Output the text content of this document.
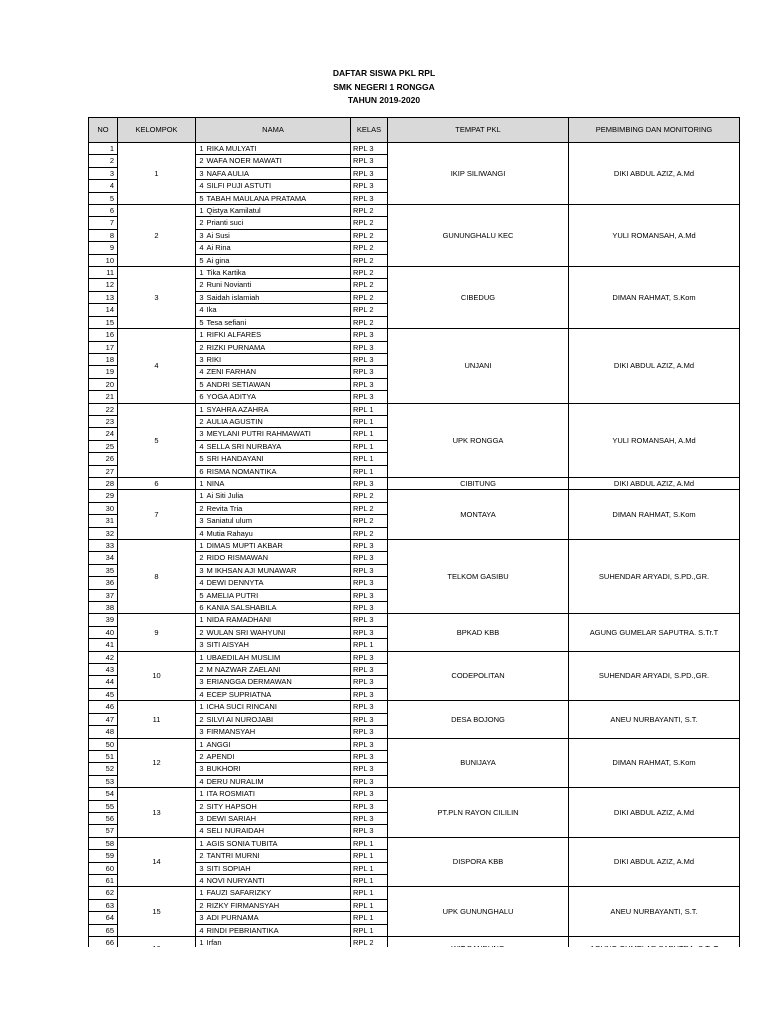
DAFTAR SISWA PKL RPL
SMK NEGERI 1 RONGGA
TAHUN 2019-2020
NO	KELOMPOK	NAMA		KELAS	TEMPAT PKL	PEMBIMBING DAN MONITORING
1	1	1	RIKA MULYATI	RPL 3	IKIP SILIWANGI	DIKI ABDUL AZIZ, A.Md
2		2	WAFA NOER MAWATI	RPL 3		
3		3	NAFA AULIA	RPL 3		
4		4	SILFI PUJI ASTUTI	RPL 3		
5		5	TABAH MAULANA PRATAMA	RPL 3		
6	2	1	Qistya Kamilatul	RPL 2	GUNUNGHALU KEC	YULI ROMANSAH, A.Md
7		2	Prianti suci	RPL 2		
8		3	Ai Susi	RPL 2		
9		4	Ai Rina	RPL 2		
10		5	Ai gina	RPL 2		
11	3	1	Tika Kartika	RPL 2	CIBEDUG	DIMAN RAHMAT, S.Kom
12		2	Runi Novianti	RPL 2		
13		3	Saidah islamiah	RPL 2		
14		4	Ika	RPL 2		
15		5	Tesa sefiani	RPL 2		
16	4	1	RIFKI ALFARES	RPL 3	UNJANI	DIKI ABDUL AZIZ, A.Md
17		2	RIZKI PURNAMA	RPL 3		
18		3	RIKI	RPL 3		
19		4	ZENI FARHAN	RPL 3		
20		5	ANDRI SETIAWAN	RPL 3		
21		6	YOGA ADITYA	RPL 3		
22	5	1	SYAHRA AZAHRA	RPL 1	UPK RONGGA	YULI ROMANSAH, A.Md
23		2	AULIA AGUSTIN	RPL 1		
24		3	MEYLANI PUTRI RAHMAWATI	RPL 1		
25		4	SELLA SRI NURBAYA	RPL 1		
26		5	SRI HANDAYANI	RPL 1		
27		6	RISMA NOMANTIKA	RPL 1		
28	6	1	NINA	RPL 3	CIBITUNG	DIKI ABDUL AZIZ, A.Md
29	7	1	Ai Siti Julia	RPL 2	MONTAYA	DIMAN RAHMAT, S.Kom
30		2	Revita Tria	RPL 2		
31		3	Saniatul ulum	RPL 2		
32		4	Mutia Rahayu	RPL 2		
33	8	1	DIMAS MUPTI AKBAR	RPL 3	TELKOM GASIBU	SUHENDAR ARYADI, S.PD.,GR.
34		2	RIDO RISMAWAN	RPL 3		
35		3	M IKHSAN AJI MUNAWAR	RPL 3		
36		4	DEWI DENNYTA	RPL 3		
37		5	AMELIA PUTRI	RPL 3		
38		6	KANIA SALSHABILA	RPL 3		
39	9	1	NIDA RAMADHANI	RPL 3	BPKAD KBB	AGUNG GUMELAR SAPUTRA. S.Tr.T
40		2	WULAN SRI WAHYUNI	RPL 3		
41		3	SITI AISYAH	RPL 1		
42	10	1	UBAEDILAH MUSLIM	RPL 3	CODEPOLITAN	SUHENDAR ARYADI, S.PD.,GR.
43		2	M NAZWAR ZAELANI	RPL 3		
44		3	ERIANGGA DERMAWAN	RPL 3		
45		4	ECEP SUPRIATNA	RPL 3		
46	11	1	ICHA SUCI RINCANI	RPL 3	DESA BOJONG	ANEU NURBAYANTI, S.T.
47		2	SILVI AI NUROJABI	RPL 3		
48		3	FIRMANSYAH	RPL 3		
50	12	1	ANGGI	RPL 3	BUNIJAYA	DIMAN RAHMAT, S.Kom
51		2	APENDI	RPL 3		
52		3	BUKHORI	RPL 3		
53		4	DERU NURALIM	RPL 3		
54	13	1	ITA ROSMIATI	RPL 3	PT.PLN RAYON CILILIN	DIKI ABDUL AZIZ, A.Md
55		2	SITY HAPSOH	RPL 3		
56		3	DEWI SARIAH	RPL 3		
57		4	SELI NURAIDAH	RPL 3		
58	14	1	AGIS SONIA TUBITA	RPL 1	DISPORA KBB	DIKI ABDUL AZIZ, A.Md
59		2	TANTRI MURNI	RPL 1		
60		3	SITI SOPIAH	RPL 1		
61		4	NOVI NURYANTI	RPL 1		
62	15	1	FAUZI SAFARIZKY	RPL 1	UPK GUNUNGHALU	ANEU NURBAYANTI, S.T.
63		2	RIZKY FIRMANSYAH	RPL 1		
64		3	ADI PURNAMA	RPL 1		
65		4	RINDI PEBRIANTIKA	RPL 1		
66		1	Irfan	RPL 2		
